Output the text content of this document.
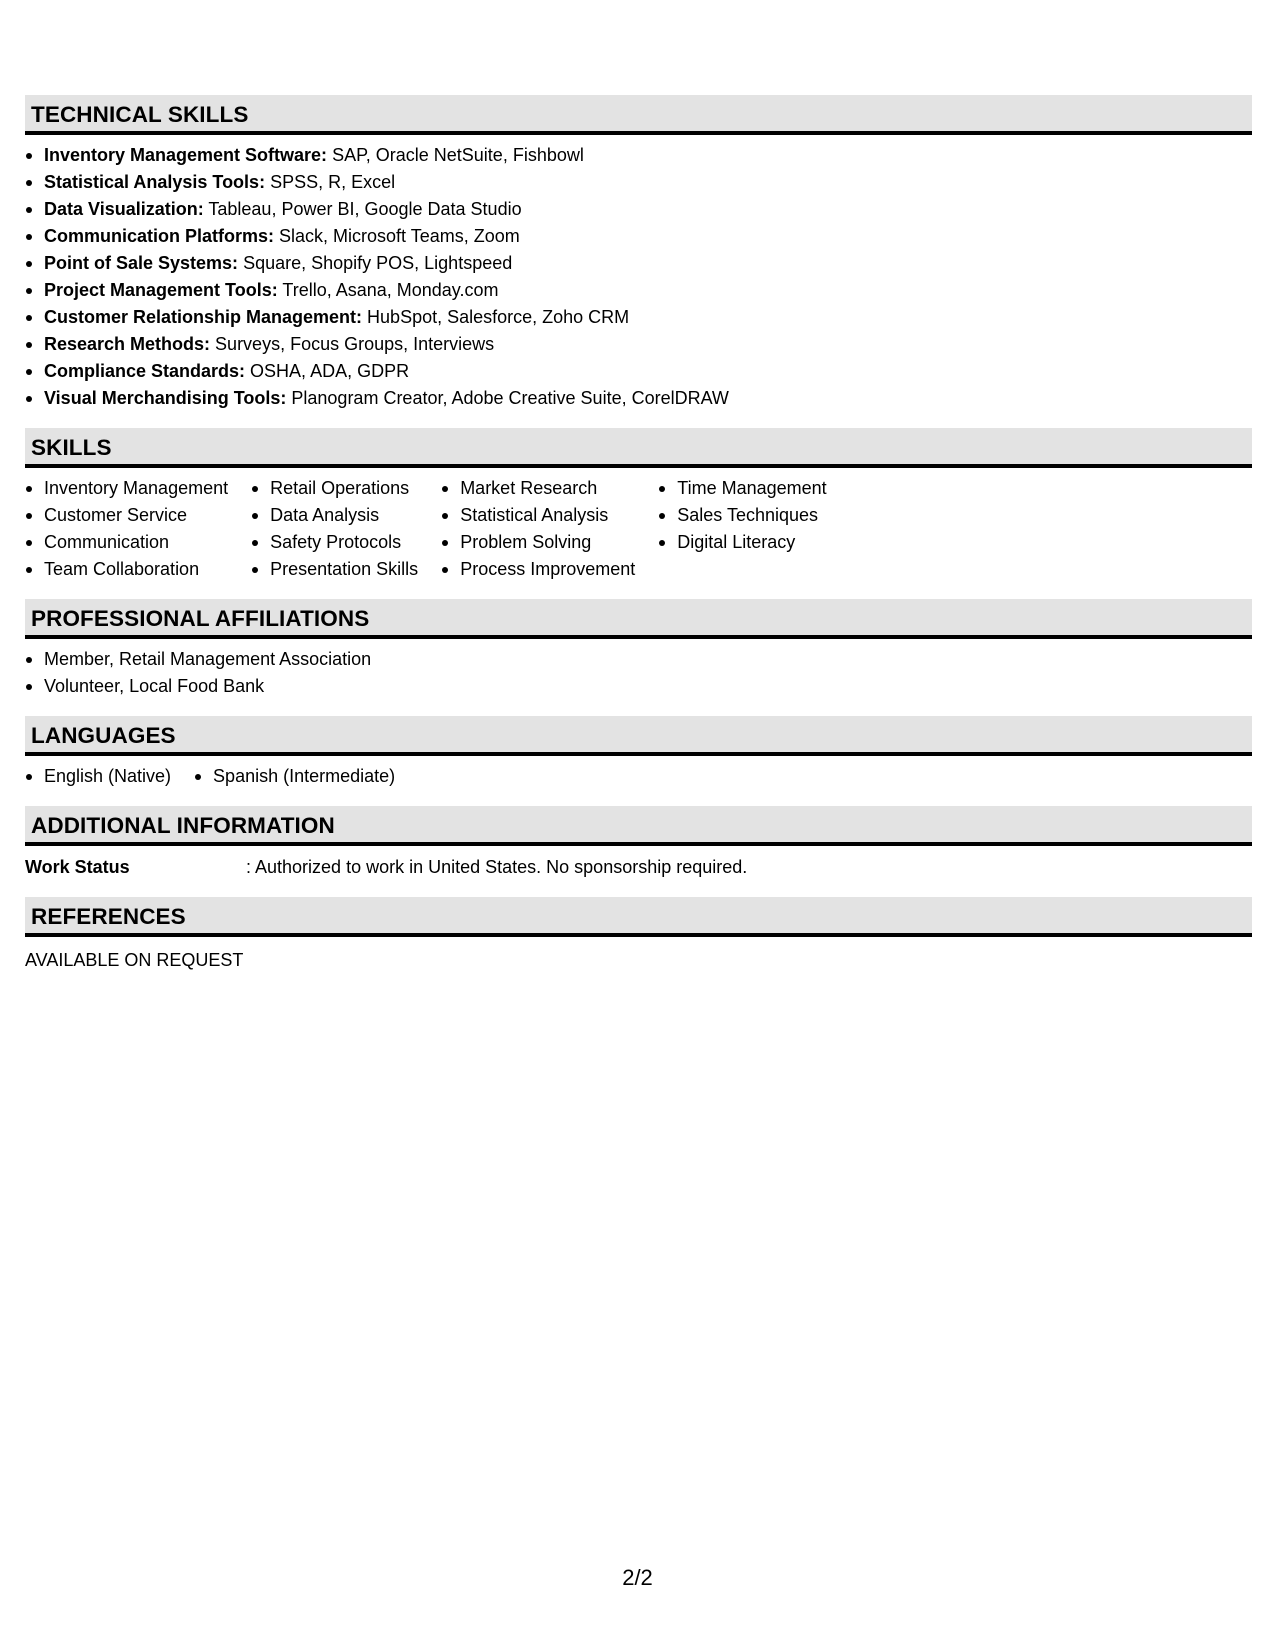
TECHNICAL SKILLS
Inventory Management Software: SAP, Oracle NetSuite, Fishbowl
Statistical Analysis Tools: SPSS, R, Excel
Data Visualization: Tableau, Power BI, Google Data Studio
Communication Platforms: Slack, Microsoft Teams, Zoom
Point of Sale Systems: Square, Shopify POS, Lightspeed
Project Management Tools: Trello, Asana, Monday.com
Customer Relationship Management: HubSpot, Salesforce, Zoho CRM
Research Methods: Surveys, Focus Groups, Interviews
Compliance Standards: OSHA, ADA, GDPR
Visual Merchandising Tools: Planogram Creator, Adobe Creative Suite, CorelDRAW
SKILLS
Inventory Management
Customer Service
Communication
Team Collaboration
Retail Operations
Data Analysis
Safety Protocols
Presentation Skills
Market Research
Statistical Analysis
Problem Solving
Process Improvement
Time Management
Sales Techniques
Digital Literacy
PROFESSIONAL AFFILIATIONS
Member, Retail Management Association
Volunteer, Local Food Bank
LANGUAGES
English (Native)	Spanish (Intermediate)
ADDITIONAL INFORMATION
Work Status	: Authorized to work in United States. No sponsorship required.
REFERENCES
AVAILABLE ON REQUEST
2/2
